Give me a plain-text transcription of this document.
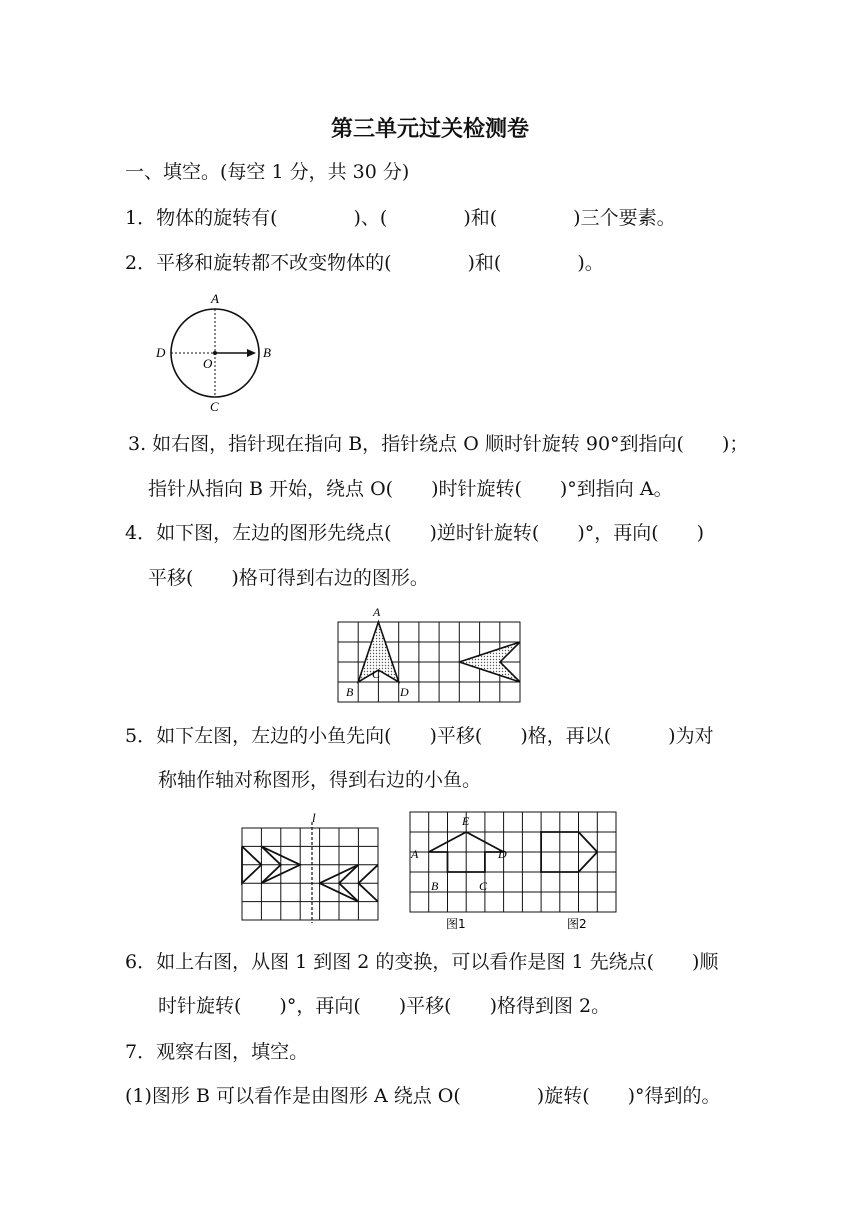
第三单元过关检测卷
一、填空。(每空 1 分，共 30 分)
1．物体的旋转有(　　　　)、(　　　　)和(　　　　)三个要素。
2．平移和旋转都不改变物体的(　　　　)和(　　　　)。
A
B
C
D
O
3. 如右图，指针现在指向 B，指针绕点 O 顺时针旋转 90°到指向(　　)；
指针从指向 B 开始，绕点 O(　　)时针旋转(　　)°到指向 A。
4．如下图，左边的图形先绕点(　　)逆时针旋转(　　)°，再向(　　)
平移(　　)格可得到右边的图形。
A
B
C
D
5．如下左图，左边的小鱼先向(　　)平移(　　)格，再以(　　　)为对
称轴作轴对称图形，得到右边的小鱼。
l
A
B	C
D
E
图1	图2
6．如上右图，从图 1 到图 2 的变换，可以看作是图 1 先绕点(　　)顺
时针旋转(　　)°，再向(　　)平移(　　)格得到图 2。
7．观察右图，填空。
(1)图形 B 可以看作是由图形 A 绕点 O(　　　　)旋转(　　)°得到的。
